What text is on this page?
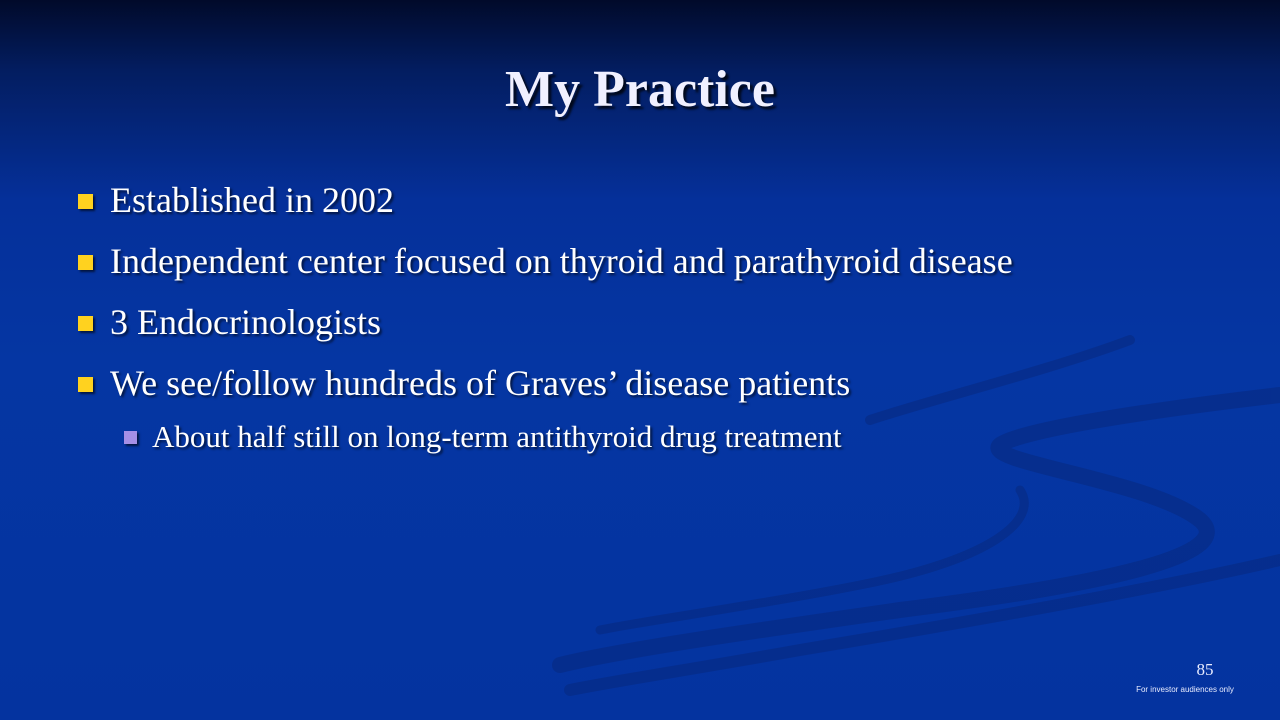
My Practice
Established in 2002
Independent center focused on thyroid and parathyroid disease
3 Endocrinologists
We see/follow hundreds of Graves’ disease patients
About half still on long-term antithyroid drug treatment
85
For investor audiences only
